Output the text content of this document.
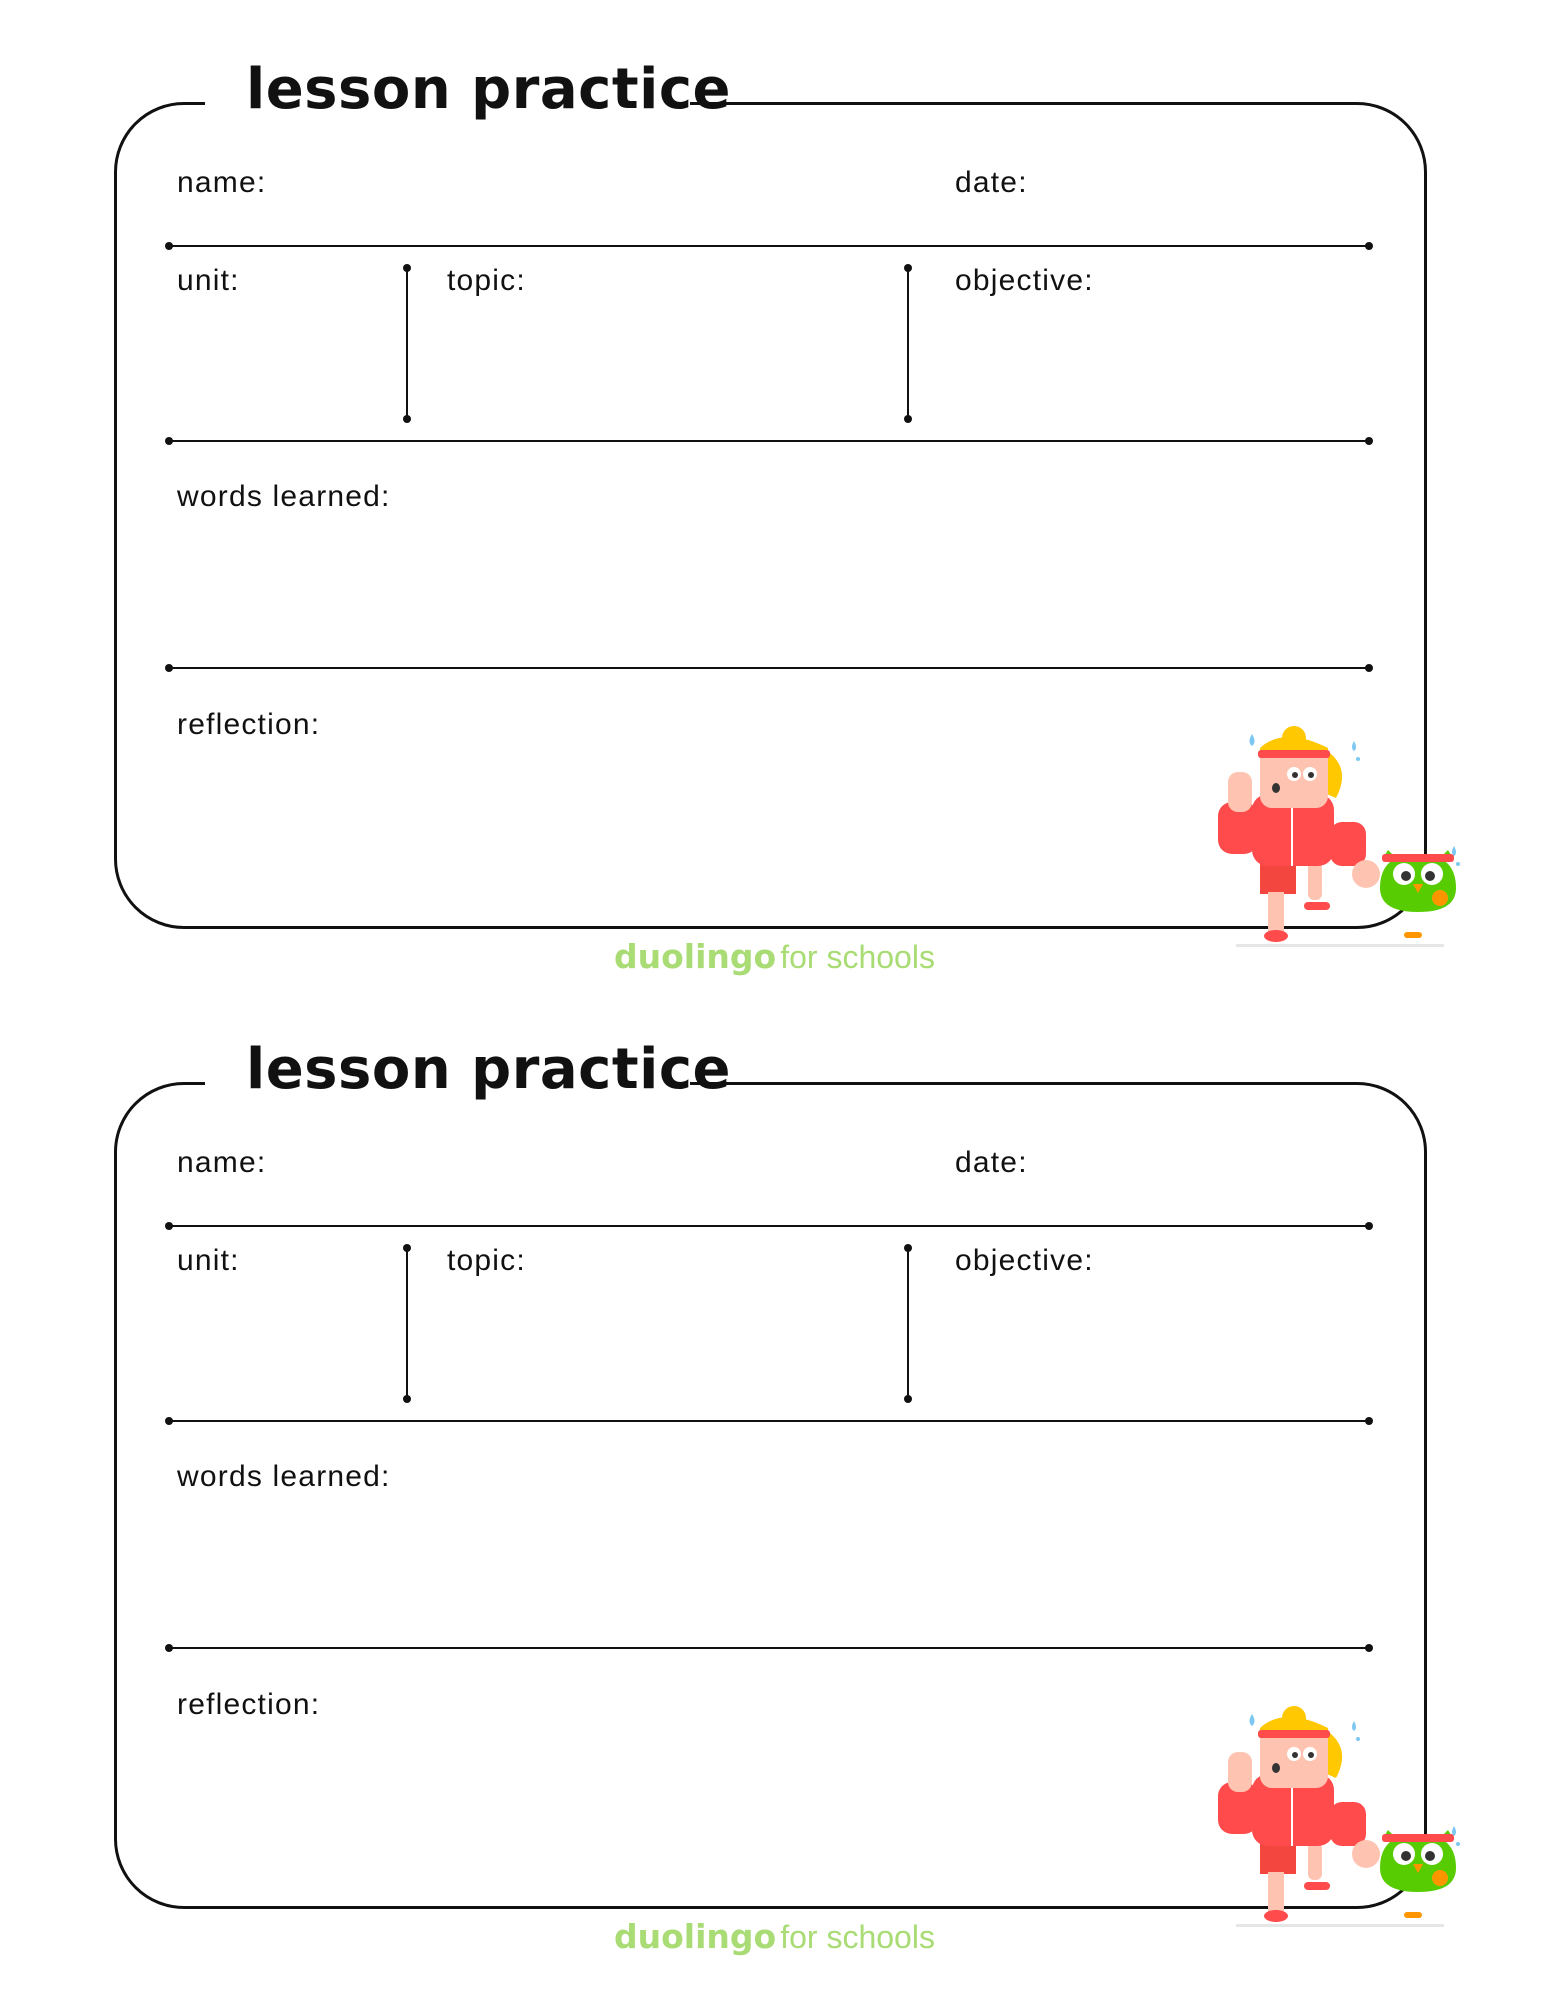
lesson practice
name:	date:
unit:	topic:	objective:
words learned:
reflection:
duolingo for schools
lesson practice
name:	date:
unit:	topic:	objective:
words learned:
reflection:
duolingo for schools
